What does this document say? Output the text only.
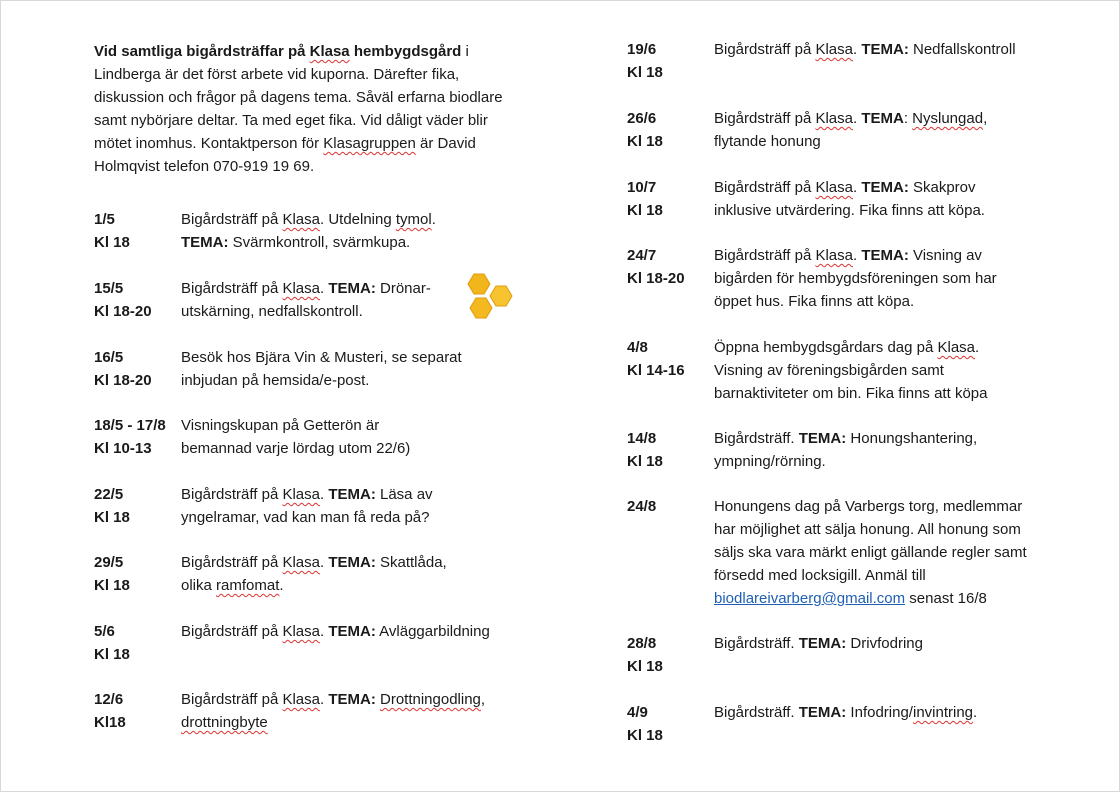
Vid samtliga bigårdsträffar på Klasa hembygdsgård i Lindberga är det först arbete vid kuporna. Därefter fika, diskussion och frågor på dagens tema. Såväl erfarna biodlare samt nybörjare deltar. Ta med eget fika. Vid dåligt väder blir mötet inomhus. Kontaktperson för Klasagruppen är David Holmqvist telefon 070-919 19 69.
1/5
Kl 18
Bigårdsträff på Klasa. Utdelning tymol.
TEMA: Svärmkontroll, svärmkupa.
15/5
Kl 18-20
Bigårdsträff på Klasa. TEMA: Drönar- utskärning, nedfallskontroll.
16/5
Kl 18-20
Besök hos Bjära Vin & Musteri, se separat inbjudan på hemsida/e-post.
18/5 - 17/8
Kl 10-13
Visningskupan på Getterön är bemannad varje lördag utom 22/6)
22/5
Kl 18
Bigårdsträff på Klasa. TEMA: Läsa av yngelramar, vad kan man få reda på?
29/5
Kl 18
Bigårdsträff på Klasa. TEMA: Skattlåda, olika ramfomat.
5/6
Kl 18
Bigårdsträff på Klasa. TEMA: Avläggarbildning
12/6
Kl18
Bigårdsträff på Klasa. TEMA: Drottningodling, drottningbyte
19/6
Kl 18
Bigårdsträff på Klasa. TEMA: Nedfallskontroll
26/6
Kl 18
Bigårdsträff på Klasa. TEMA: Nyslungad, flytande honung
10/7
Kl 18
Bigårdsträff på Klasa. TEMA: Skakprov inklusive utvärdering. Fika finns att köpa.
24/7
Kl 18-20
Bigårdsträff på Klasa. TEMA: Visning av bigården för hembygdsföreningen som har öppet hus. Fika finns att köpa.
4/8
Kl 14-16
Öppna hembygdsgårdars dag på Klasa. Visning av föreningsbigården samt barnaktiviteter om bin. Fika finns att köpa
14/8
Kl 18
Bigårdsträff. TEMA: Honungshantering, ympning/rörning.
24/8	Honungens dag på Varbergs torg, medlemmar har möjlighet att sälja honung. All honung som säljs ska vara märkt enligt gällande regler samt försedd med locksigill. Anmäl till biodlareivarberg@gmail.com senast 16/8
28/8
Kl 18
Bigårdsträff. TEMA: Drivfodring
4/9
Kl 18
Bigårdsträff. TEMA: Infodring/invintring.
